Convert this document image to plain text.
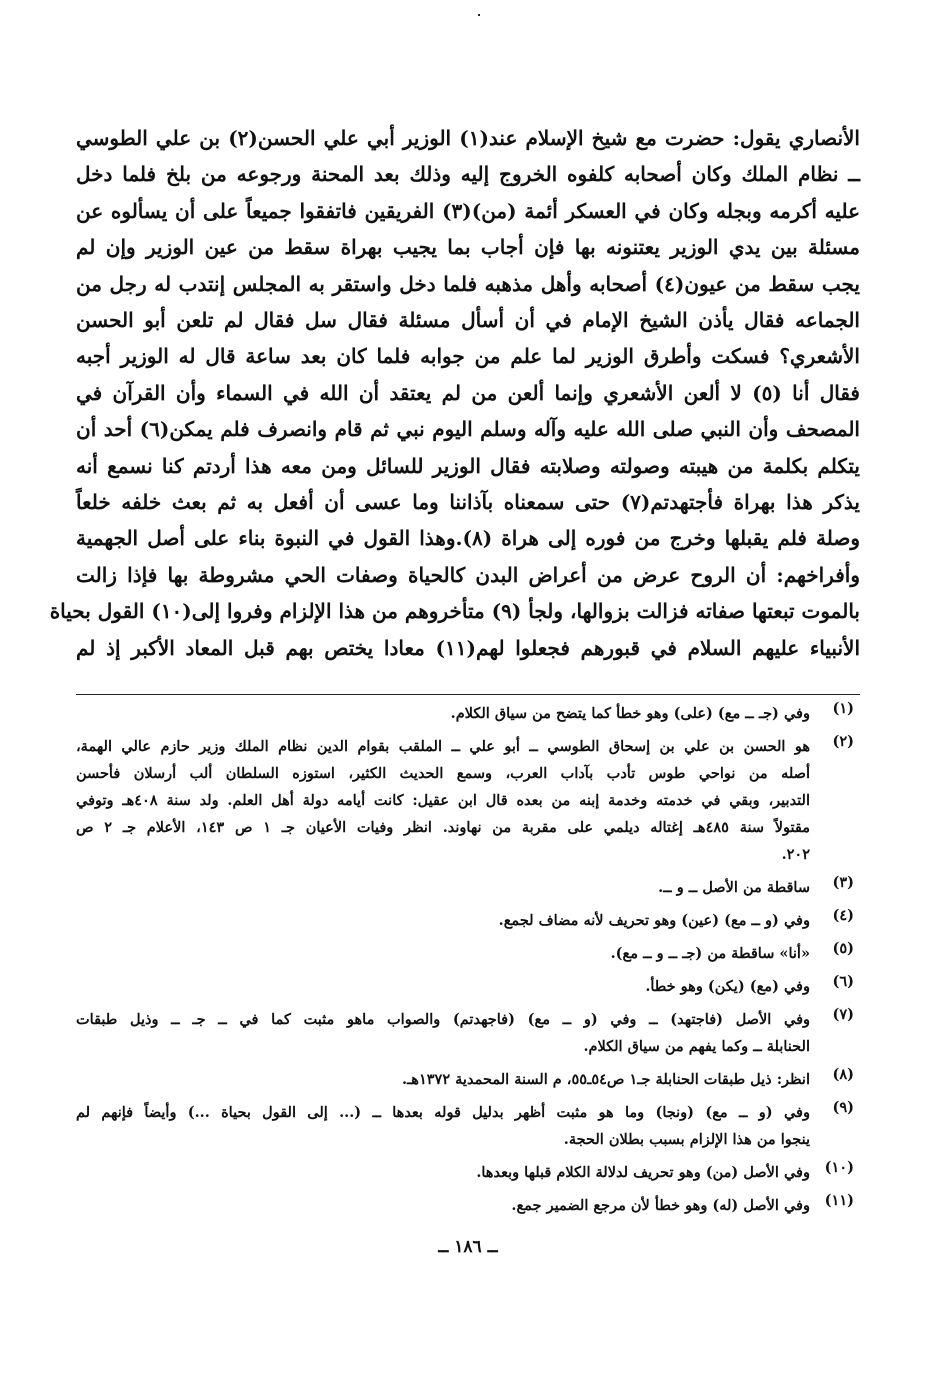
الأنصاري يقول: حضرت مع شيخ الإسلام عند(١) الوزير أبي علي الحسن(٢) بن علي الطوسي
ــ نظام الملك وكان أصحابه كلفوه الخروج إليه وذلك بعد المحنة ورجوعه من بلخ فلما دخل
عليه أكرمه وبجله وكان في العسكر أئمة (من)(٣) الفريقين فاتفقوا جميعاً على أن يسألوه عن
مسئلة بين يدي الوزير يعتنونه بها فإن أجاب بما يجيب بهراة سقط من عين الوزير وإن لم
يجب سقط من عيون(٤) أصحابه وأهل مذهبه فلما دخل واستقر به المجلس إنتدب له رجل من
الجماعه فقال يأذن الشيخ الإمام في أن أسأل مسئلة فقال سل فقال لم تلعن أبو الحسن
الأشعري؟ فسكت وأطرق الوزير لما علم من جوابه فلما كان بعد ساعة قال له الوزير أجبه
فقال أنا (٥) لا ألعن الأشعري وإنما ألعن من لم يعتقد أن الله في السماء وأن القرآن في
المصحف وأن النبي صلى الله عليه وآله وسلم اليوم نبي ثم قام وانصرف فلم يمكن(٦) أحد أن
يتكلم بكلمة من هيبته وصولته وصلابته فقال الوزير للسائل ومن معه هذا أردتم كنا نسمع أنه
يذكر هذا بهراة فأجتهدتم(٧) حتى سمعناه بآذاننا وما عسى أن أفعل به ثم بعث خلفه خلعاً
وصلة فلم يقبلها وخرج من فوره إلى هراة (٨).وهذا القول في النبوة بناء على أصل الجهمية
وأفراخهم: أن الروح عرض من أعراض البدن كالحياة وصفات الحي مشروطة بها فإذا زالت
بالموت تبعتها صفاته فزالت بزوالها، ولجأ (٩) متأخروهم من هذا الإلزام وفروا إلى(١٠) القول بحياة
الأنبياء عليهم السلام في قبورهم فجعلوا لهم(١١) معادا يختص بهم قبل المعاد الأكبر إذ لم
(١)
وفي (جـ ــ مع) (على) وهو خطأ كما يتضح من سياق الكلام.
(٢)
هو الحسن بن علي بن إسحاق الطوسي ــ أبو علي ــ الملقب بقوام الدين نظام الملك وزير حازم عالي الهمة،
أصله من نواحي طوس تأدب بآداب العرب، وسمع الحديث الكثير، استوزه السلطان ألب أرسلان فأحسن
التدبير، وبقي في خدمته وخدمة إبنه من بعده قال ابن عقيل: كانت أيامه دولة أهل العلم. ولد سنة ٤٠٨هـ وتوفي
مقتولاً سنة ٤٨٥هـ إغتاله ديلمي على مقربة من نهاوند. انظر وفيات الأعيان جـ ١ ص ١٤٣، الأعلام جـ ٢ ص
٢٠٢.
(٣)
ساقطة من الأصل ــ و ــ.
(٤)
وفي (و ــ مع) (عين) وهو تحريف لأنه مضاف لجمع.
(٥)
«أنا» ساقطة من (جـ ــ و ــ مع).
(٦)
وفي (مع) (يكن) وهو خطأ.
(٧)
وفي الأصل (فاجتهد) ــ وفي (و ــ مع) (فاجهدتم) والصواب ماهو مثبت كما في ــ جـ ــ وذيل طبقات
الحنابلة ــ وكما يفهم من سياق الكلام.
(٨)
انظر: ذيل طبقات الحنابلة جـ١ ص٥٤ـ٥٥، م السنة المحمدية ١٣٧٢هـ.
(٩)
وفي (و ــ مع) (ونجا) وما هو مثبت أظهر بدليل قوله بعدها ــ (... إلى القول بحياة ...) وأيضاً فإنهم لم
ينجوا من هذا الإلزام بسبب بطلان الحجة.
(١٠)
وفي الأصل (من) وهو تحريف لدلالة الكلام قبلها وبعدها.
(١١)
وفي الأصل (له) وهو خطأ لأن مرجع الضمير جمع.
ــ ١٨٦ ــ
